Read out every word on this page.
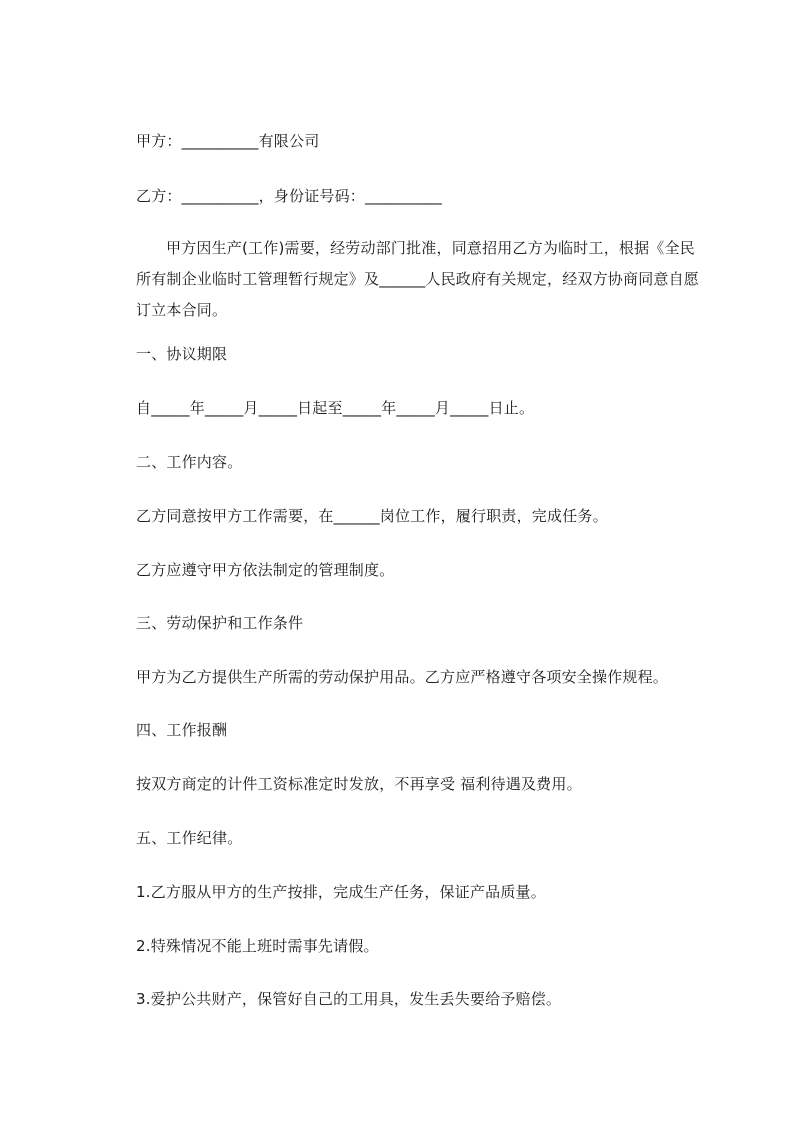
甲方：__________有限公司
乙方：__________，身份证号码：__________
甲方因生产(工作)需要，经劳动部门批准，同意招用乙方为临时工，根据《全民所有制企业临时工管理暂行规定》及______人民政府有关规定，经双方协商同意自愿订立本合同。
一、协议期限
自_____年_____月_____日起至_____年_____月_____日止。
二、工作内容。
乙方同意按甲方工作需要，在______岗位工作，履行职责，完成任务。
乙方应遵守甲方依法制定的管理制度。
三、劳动保护和工作条件
甲方为乙方提供生产所需的劳动保护用品。乙方应严格遵守各项安全操作规程。
四、工作报酬
按双方商定的计件工资标准定时发放，不再享受 福利待遇及费用。
五、工作纪律。
1.乙方服从甲方的生产按排，完成生产任务，保证产品质量。
2.特殊情况不能上班时需事先请假。
3.爱护公共财产，保管好自己的工用具，发生丢失要给予赔偿。
